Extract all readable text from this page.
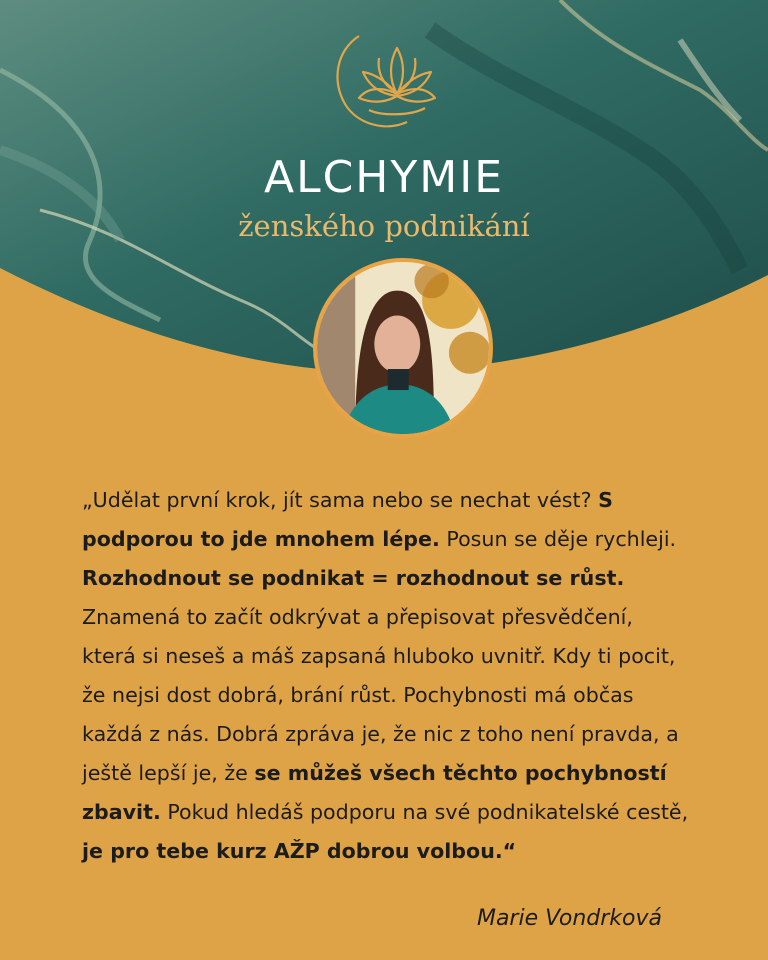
ALCHYMIE
ženského podnikání
„Udělat první krok, jít sama nebo se nechat vést? S podporou to jde mnohem lépe. Posun se děje rychleji. Rozhodnout se podnikat = rozhodnout se růst. Znamená to začít odkrývat a přepisovat přesvědčení, která si neseš a máš zapsaná hluboko uvnitř. Kdy ti pocit, že nejsi dost dobrá, brání růst. Pochybnosti má občas každá z nás. Dobrá zpráva je, že nic z toho není pravda, a ještě lepší je, že se můžeš všech těchto pochybností zbavit. Pokud hledáš podporu na své podnikatelské cestě, je pro tebe kurz AŽP dobrou volbou.“
Marie Vondrková
